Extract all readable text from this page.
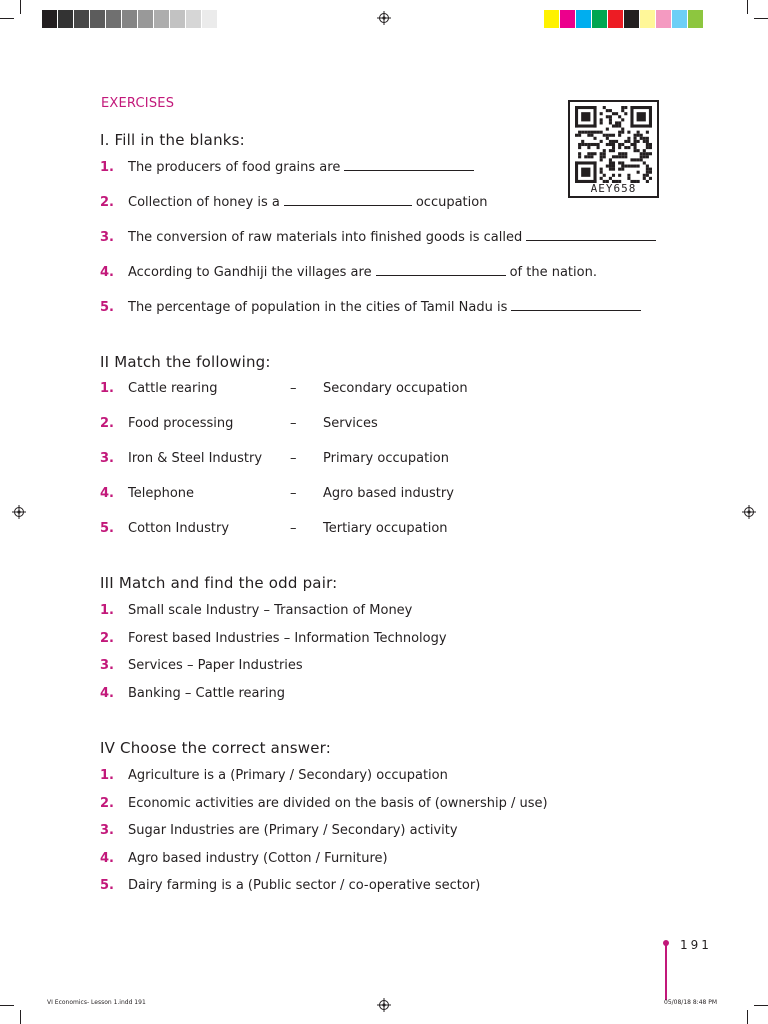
EXERCISES
AEY658
I. Fill in the blanks:
1. The producers of food grains are
2. Collection of honey is a	occupation
3. The conversion of raw materials into finished goods is called
4. According to Gandhiji the villages are	of the nation.
5. The percentage of population in the cities of Tamil Nadu is
II Match the following:
1. Cattle rearing	– Secondary occupation
2. Food processing	– Services
3. Iron & Steel Industry – Primary occupation
4. Telephone	– Agro based industry
5. Cotton Industry	– Tertiary occupation
III Match and find the odd pair:
1. Small scale Industry – Transaction of Money
2. Forest based Industries – Information Technology
3. Services – Paper Industries
4. Banking – Cattle rearing
IV Choose the correct answer:
1. Agriculture is a (Primary / Secondary) occupation
2. Economic activities are divided on the basis of (ownership / use)
3. Sugar Industries are (Primary / Secondary) activity
4. Agro based industry (Cotton / Furniture)
5. Dairy farming is a (Public sector / co-operative sector)
191
VI Economics- Lesson 1.indd 191	05/08/18 8:48 PM
